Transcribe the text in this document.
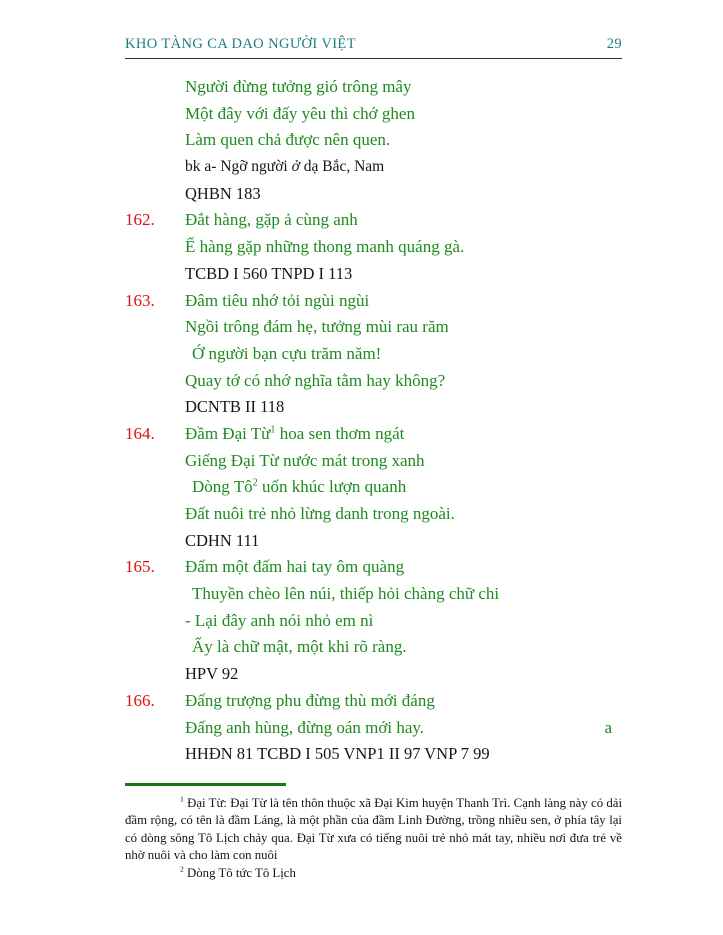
KHO TÀNG CA DAO NGƯỜI VIỆT	29
Người đừng tưởng gió trông mây
Một đây với đấy yêu thì chớ ghen
Làm quen chả được nên quen.
bk a- Ngỡ người ở dạ Bắc, Nam
QHBN 183
162. Đắt hàng, gặp ả cùng anh
Ế hàng gặp những thong manh quáng gà.
TCBD I 560 TNPD I 113
163. Đâm tiêu nhớ tỏi ngùi ngùi
Ngồi trông đám hẹ, tưởng mùi rau răm
Ớ người bạn cựu trăm năm!
Quay tớ có nhớ nghĩa tằm hay không?
DCNTB II 118
164. Đầm Đại Từ$^1$ hoa sen thơm ngát
Giếng Đại Từ nước mát trong xanh
Dòng $Tô^2$ uốn khúc lượn quanh
Đất nuôi trẻ nhỏ lừng danh trong ngoài.
CDHN 111
165. Đấm một đấm hai tay ôm quàng
Thuyền chèo lên núi, thiếp hỏi chàng chữ chi
- Lại đây anh nói nhỏ em nì
Ấy là chữ mật, một khi rõ ràng.
HPV 92
166. Đấng trượng phu đừng thù mới đáng
Đấng anh hùng, đừng oán mới hay.	a
HHĐN 81 TCBD I 505 VNP1 II 97 VNP 7 99
$^1$ Đại Từ: Đại Từ là tên thôn thuộc xã Đại Kim huyện Thanh Trì. Cạnh làng này có dải đầm rộng, có tên là đầm Láng, là một phần của đầm Linh Đường, trồng nhiều sen, ở phía tây lại có dòng sông Tô Lịch chảy qua. Đại Từ xưa có tiếng nuôi trẻ nhỏ mát tay, nhiều nơi đưa trẻ về nhờ nuôi và cho làm con nuôi
$^2$ Dòng Tô tức Tô Lịch
